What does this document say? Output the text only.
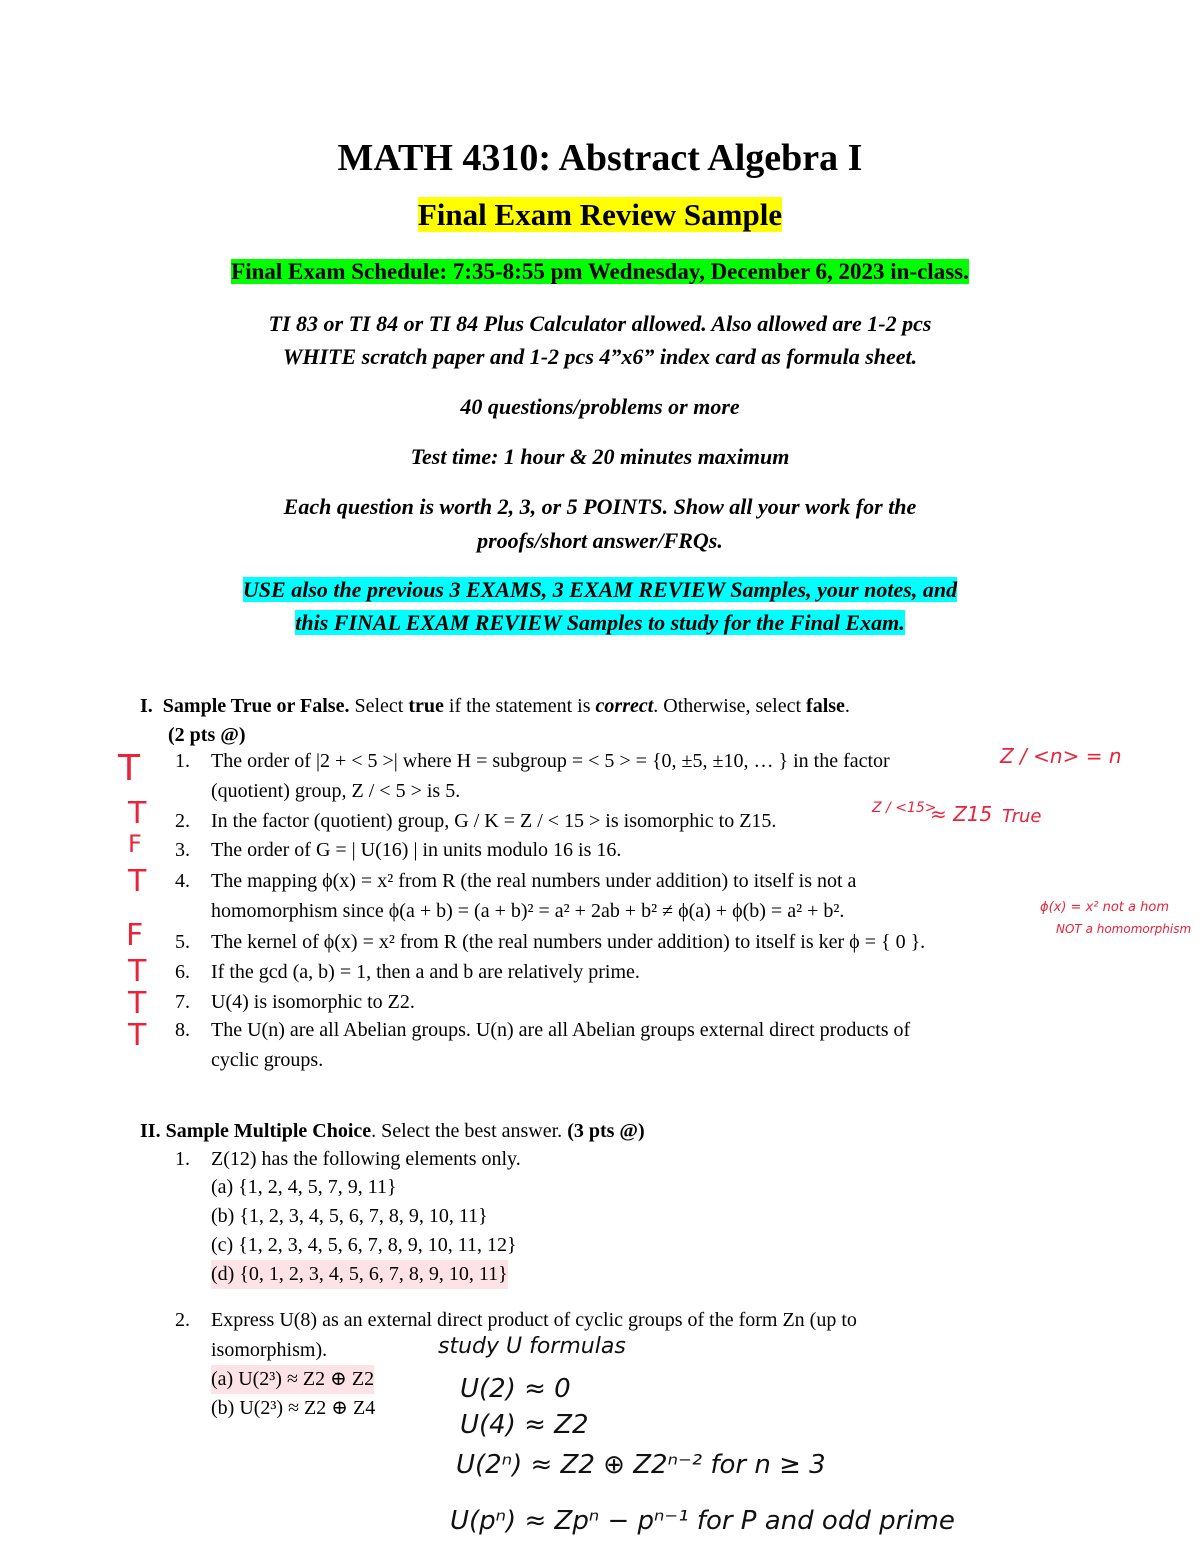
MATH 4310: Abstract Algebra I
Final Exam Review Sample
Final Exam Schedule: 7:35-8:55 pm Wednesday, December 6, 2023 in-class.
TI 83 or TI 84 or TI 84 Plus Calculator allowed. Also allowed are 1-2 pcs
WHITE scratch paper and 1-2 pcs 4”x6” index card as formula sheet.
40 questions/problems or more
Test time: 1 hour & 20 minutes maximum
Each question is worth 2, 3, or 5 POINTS. Show all your work for the
proofs/short answer/FRQs.
USE also the previous 3 EXAMS, 3 EXAM REVIEW Samples, your notes, and
this FINAL EXAM REVIEW Samples to study for the Final Exam.
I. Sample True or False. Select true if the statement is correct. Otherwise, select false.
(2 pts @)
1. The order of |2 + < 5 >| where H = subgroup = < 5 > = {0, ±5, ±10, … } in the factor
(quotient) group, Z / < 5 > is 5.
2. In the factor (quotient) group, G / K = Z / < 15 > is isomorphic to Z15.
3. The order of G = | U(16) | in units modulo 16 is 16.
4. The mapping ϕ(x) = x² from R (the real numbers under addition) to itself is not a
homomorphism since ϕ(a + b) = (a + b)² = a² + 2ab + b² ≠ ϕ(a) + ϕ(b) = a² + b².
5. The kernel of ϕ(x) = x² from R (the real numbers under addition) to itself is ker ϕ = { 0 }.
6. If the gcd (a, b) = 1, then a and b are relatively prime.
7. U(4) is isomorphic to Z2.
8. The U(n) are all Abelian groups. U(n) are all Abelian groups external direct products of
cyclic groups.
T
T
F
T
F
T
T
T
Z / <n> = n
Z / <15>
≈ Z15 True
ϕ(x) = x² not a hom
NOT a homomorphism
II. Sample Multiple Choice. Select the best answer. (3 pts @)
1. Z(12) has the following elements only.
(a) {1, 2, 4, 5, 7, 9, 11}
(b) {1, 2, 3, 4, 5, 6, 7, 8, 9, 10, 11}
(c) {1, 2, 3, 4, 5, 6, 7, 8, 9, 10, 11, 12}
(d) {0, 1, 2, 3, 4, 5, 6, 7, 8, 9, 10, 11}
2. Express U(8) as an external direct product of cyclic groups of the form Zn (up to
isomorphism).
(a) U(2³) ≈ Z2 ⊕ Z2
(b) U(2³) ≈ Z2 ⊕ Z4
study U formulas
U(2) ≈ 0
U(4) ≈ Z2
U(2ⁿ) ≈ Z2 ⊕ Z2ⁿ⁻² for n ≥ 3
U(pⁿ) ≈ Zpⁿ − pⁿ⁻¹ for P and odd prime
